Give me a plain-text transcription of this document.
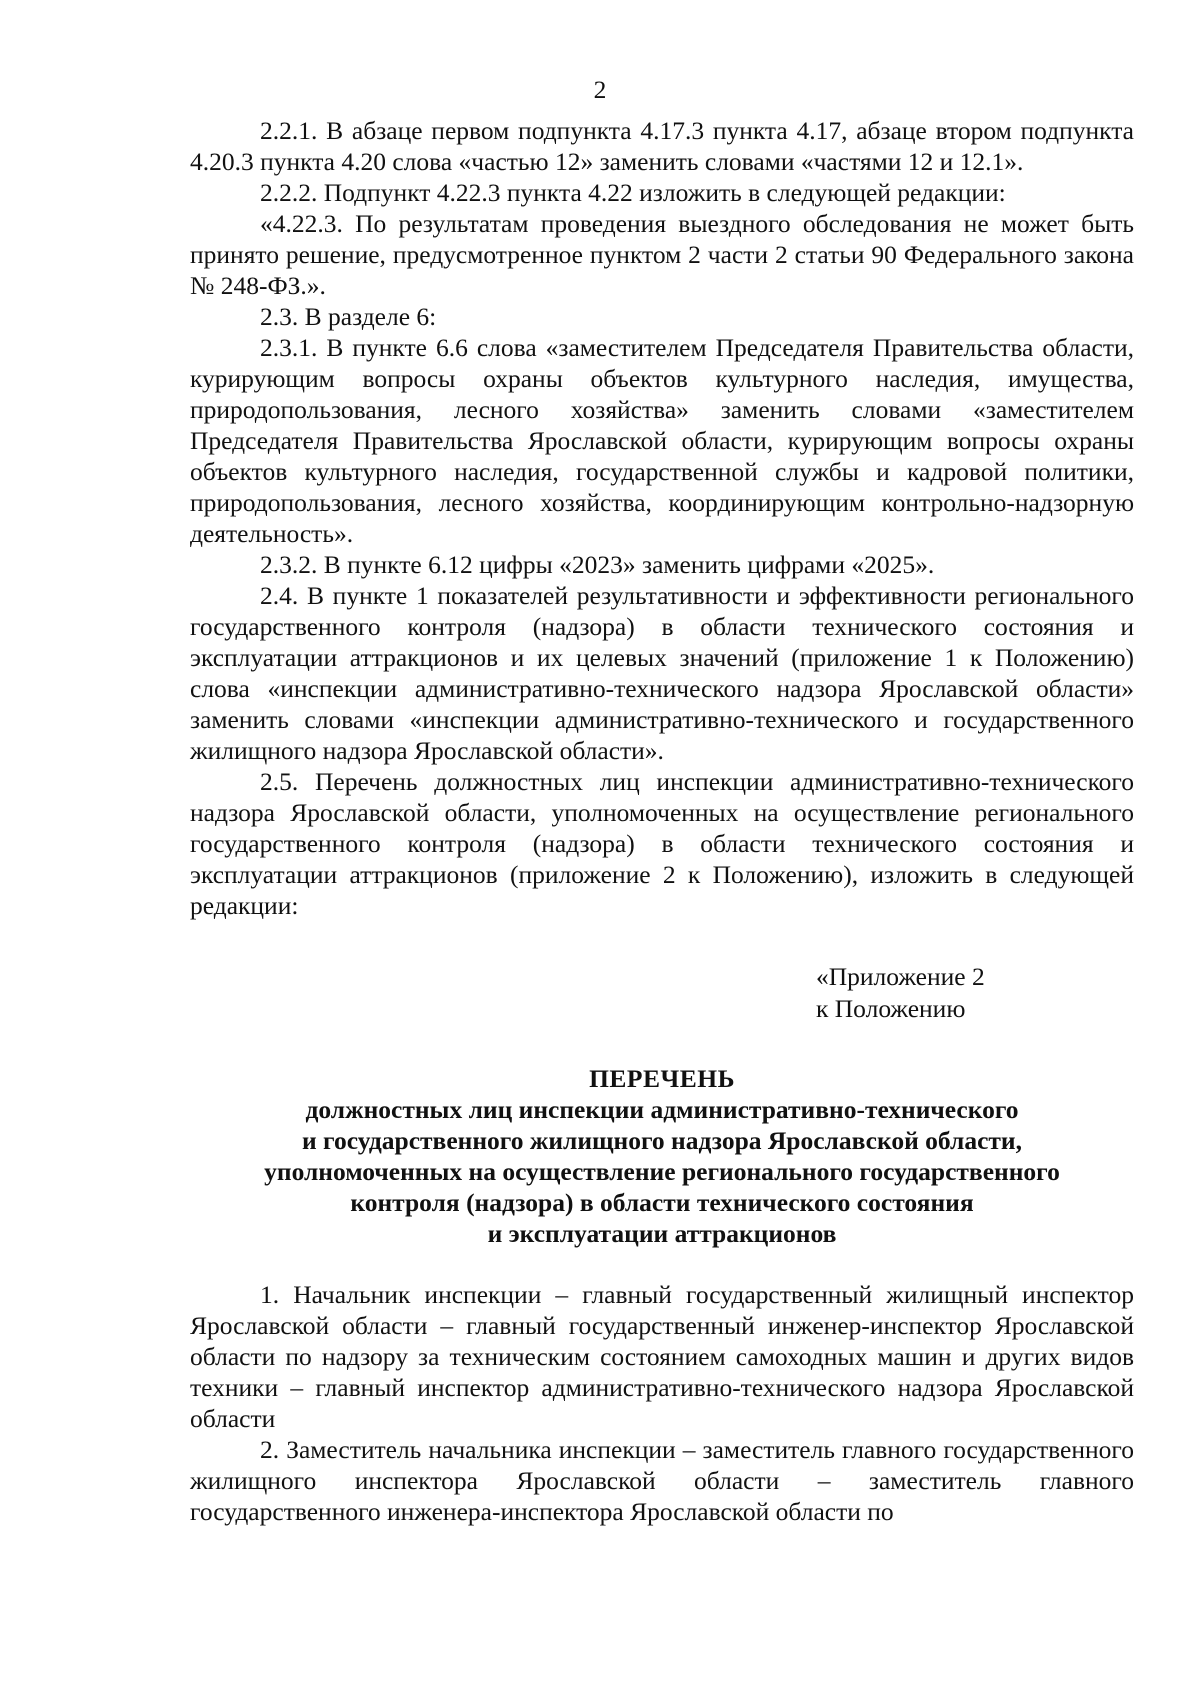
2

2.2.1. В абзаце первом подпункта 4.17.3 пункта 4.17, абзаце втором подпункта 4.20.3 пункта 4.20 слова «частью 12» заменить словами «частями 12 и 12.1».

2.2.2. Подпункт 4.22.3 пункта 4.22 изложить в следующей редакции:

«4.22.3. По результатам проведения выездного обследования не может быть принято решение, предусмотренное пунктом 2 части 2 статьи 90 Федерального закона № 248-ФЗ.».

2.3. В разделе 6:

2.3.1. В пункте 6.6 слова «заместителем Председателя Правительства области, курирующим вопросы охраны объектов культурного наследия, имущества, природопользования, лесного хозяйства» заменить словами «заместителем Председателя Правительства Ярославской области, курирующим вопросы охраны объектов культурного наследия, государственной службы и кадровой политики, природопользования, лесного хозяйства, координирующим контрольно-надзорную деятельность».

2.3.2. В пункте 6.12 цифры «2023» заменить цифрами «2025».

2.4. В пункте 1 показателей результативности и эффективности регионального государственного контроля (надзора) в области технического состояния и эксплуатации аттракционов и их целевых значений (приложение 1 к Положению) слова «инспекции административно-технического надзора Ярославской области» заменить словами «инспекции административно-технического и государственного жилищного надзора Ярославской области».

2.5. Перечень должностных лиц инспекции административно-технического надзора Ярославской области, уполномоченных на осуществление регионального государственного контроля (надзора) в области технического состояния и эксплуатации аттракционов (приложение 2 к Положению), изложить в следующей редакции:

«Приложение 2
к Положению
ПЕРЕЧЕНЬ
должностных лиц инспекции административно-технического
и государственного жилищного надзора Ярославской области,
уполномоченных на осуществление регионального государственного
контроля (надзора) в области технического состояния
и эксплуатации аттракционов

1. Начальник инспекции – главный государственный жилищный инспектор Ярославской области – главный государственный инженер-инспектор Ярославской области по надзору за техническим состоянием самоходных машин и других видов техники – главный инспектор административно-технического надзора Ярославской области

2. Заместитель начальника инспекции – заместитель главного государственного жилищного инспектора Ярославской области – заместитель главного государственного инженера-инспектора Ярославской области по
